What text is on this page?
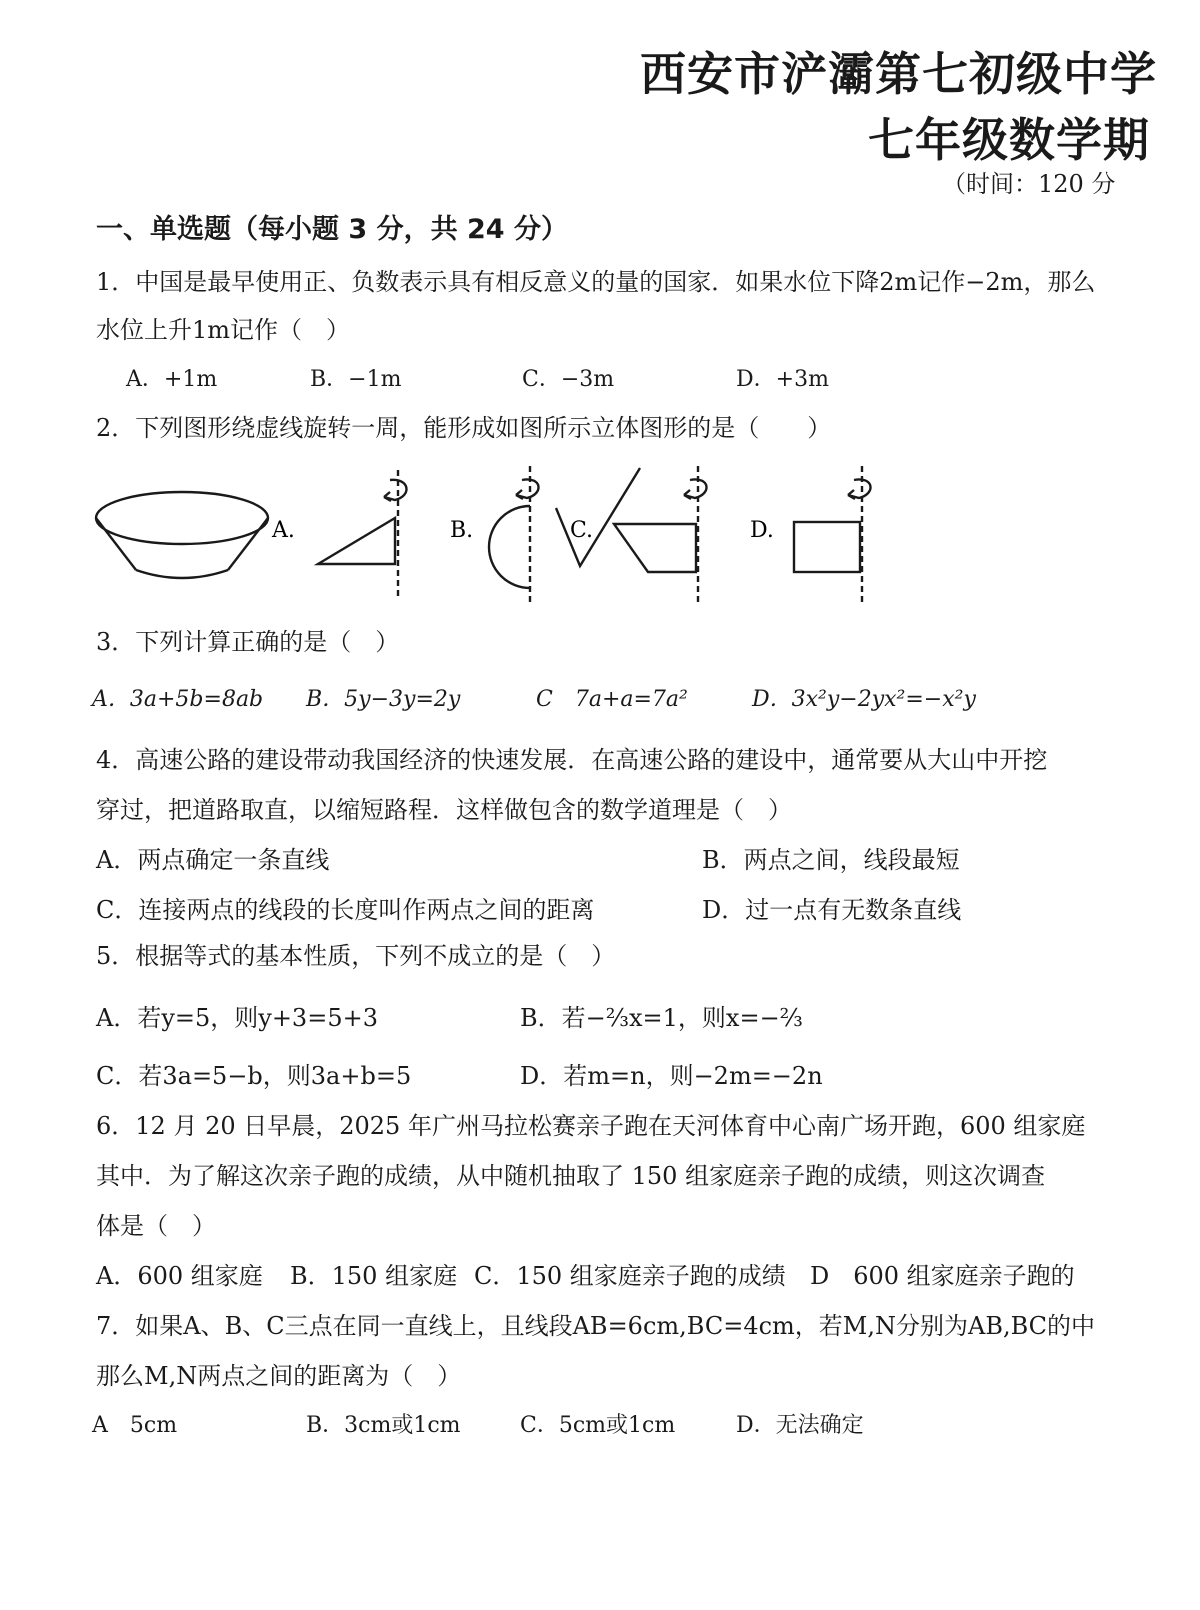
西安市浐灞第七初级中学
七年级数学期
（时间：120 分
一、单选题（每小题 3 分，共 24 分）
1．中国是最早使用正、负数表示具有相反意义的量的国家．如果水位下降2m记作−2m，那么
水位上升1m记作（　）
A．+1m	B．−1m	C．−3m	D．+3m
2．下列图形绕虚线旋转一周，能形成如图所示立体图形的是（　　）
A.	B.	C.	D.
3．下列计算正确的是（　）
A．3a+5b=8ab B．5y−3y=2y	C　7a+a=7a²	D．3x²y−2yx²=−x²y
4．高速公路的建设带动我国经济的快速发展．在高速公路的建设中，通常要从大山中开挖
穿过，把道路取直，以缩短路程．这样做包含的数学道理是（　）
A．两点确定一条直线	B．两点之间，线段最短
C．连接两点的线段的长度叫作两点之间的距离	D．过一点有无数条直线
5．根据等式的基本性质，下列不成立的是（　）
A．若y=5，则y+3=5+3	B．若−⅔x=1，则x=−⅔
C．若3a=5−b，则3a+b=5	D．若m=n，则−2m=−2n
6．12 月 20 日早晨，2025 年广州马拉松赛亲子跑在天河体育中心南广场开跑，600 组家庭
其中．为了解这次亲子跑的成绩，从中随机抽取了 150 组家庭亲子跑的成绩，则这次调查
体是（　）
A．600 组家庭 B．150 组家庭 C．150 组家庭亲子跑的成绩 D　600 组家庭亲子跑的
7．如果A、B、C三点在同一直线上，且线段AB=6cm,BC=4cm，若M,N分别为AB,BC的中
那么M,N两点之间的距离为（　）
A　5cm	B．3cm或1cm	C．5cm或1cm	D．无法确定
